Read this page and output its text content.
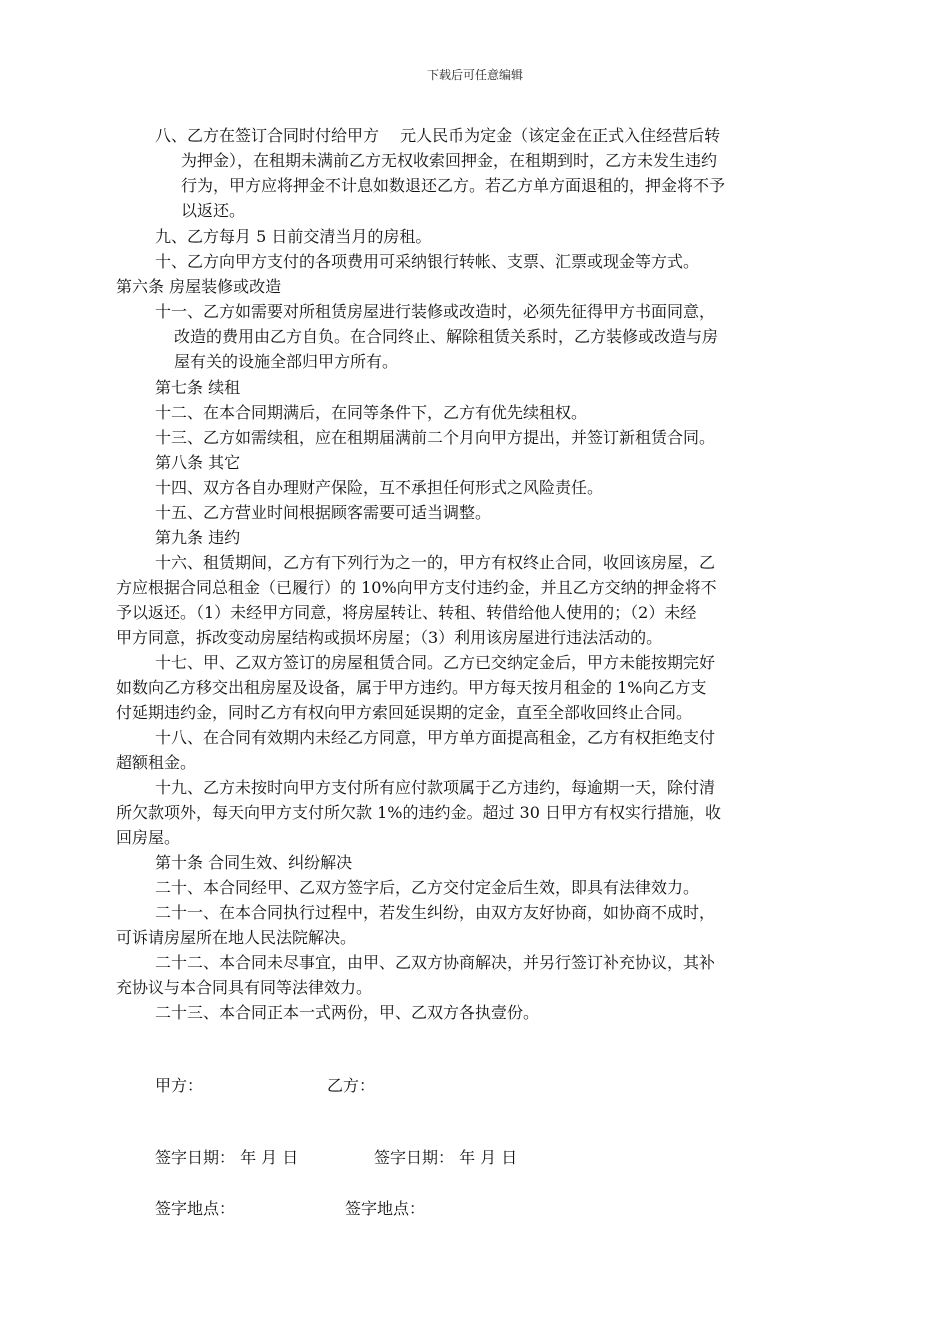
下载后可任意编辑
八、乙方在签订合同时付给甲方　 元人民币为定金（该定金在正式入住经营后转
为押金），在租期未满前乙方无权收索回押金，在租期到时，乙方未发生违约
行为，甲方应将押金不计息如数退还乙方。若乙方单方面退租的，押金将不予
以返还。
九、乙方每月 5 日前交清当月的房租。
十、乙方向甲方支付的各项费用可采纳银行转帐、支票、汇票或现金等方式。
第六条 房屋装修或改造
十一、乙方如需要对所租赁房屋进行装修或改造时，必须先征得甲方书面同意，
改造的费用由乙方自负。在合同终止、解除租赁关系时，乙方装修或改造与房
屋有关的设施全部归甲方所有。
第七条 续租
十二、在本合同期满后，在同等条件下，乙方有优先续租权。
十三、乙方如需续租，应在租期届满前二个月向甲方提出，并签订新租赁合同。
第八条 其它
十四、双方各自办理财产保险，互不承担任何形式之风险责任。
十五、乙方营业时间根据顾客需要可适当调整。
第九条 违约
十六、租赁期间，乙方有下列行为之一的，甲方有权终止合同，收回该房屋，乙
方应根据合同总租金（已履行）的 10%向甲方支付违约金，并且乙方交纳的押金将不
予以返还。（1）未经甲方同意，将房屋转让、转租、转借给他人使用的；（2）未经
甲方同意，拆改变动房屋结构或损坏房屋；（3）利用该房屋进行违法活动的。
十七、甲、乙双方签订的房屋租赁合同。乙方已交纳定金后，甲方未能按期完好
如数向乙方移交出租房屋及设备，属于甲方违约。甲方每天按月租金的 1%向乙方支
付延期违约金，同时乙方有权向甲方索回延误期的定金，直至全部收回终止合同。
十八、在合同有效期内未经乙方同意，甲方单方面提高租金，乙方有权拒绝支付
超额租金。
十九、乙方未按时向甲方支付所有应付款项属于乙方违约，每逾期一天，除付清
所欠款项外，每天向甲方支付所欠款 1%的违约金。超过 30 日甲方有权实行措施，收
回房屋。
第十条 合同生效、纠纷解决
二十、本合同经甲、乙双方签字后，乙方交付定金后生效，即具有法律效力。
二十一、在本合同执行过程中，若发生纠纷，由双方友好协商，如协商不成时，
可诉请房屋所在地人民法院解决。
二十二、本合同未尽事宜，由甲、乙双方协商解决，并另行签订补充协议，其补
充协议与本合同具有同等法律效力。
二十三、本合同正本一式两份，甲、乙双方各执壹份。
甲方：	乙方：
签字日期： 年 月 日	签字日期： 年 月 日
签字地点：	签字地点：
